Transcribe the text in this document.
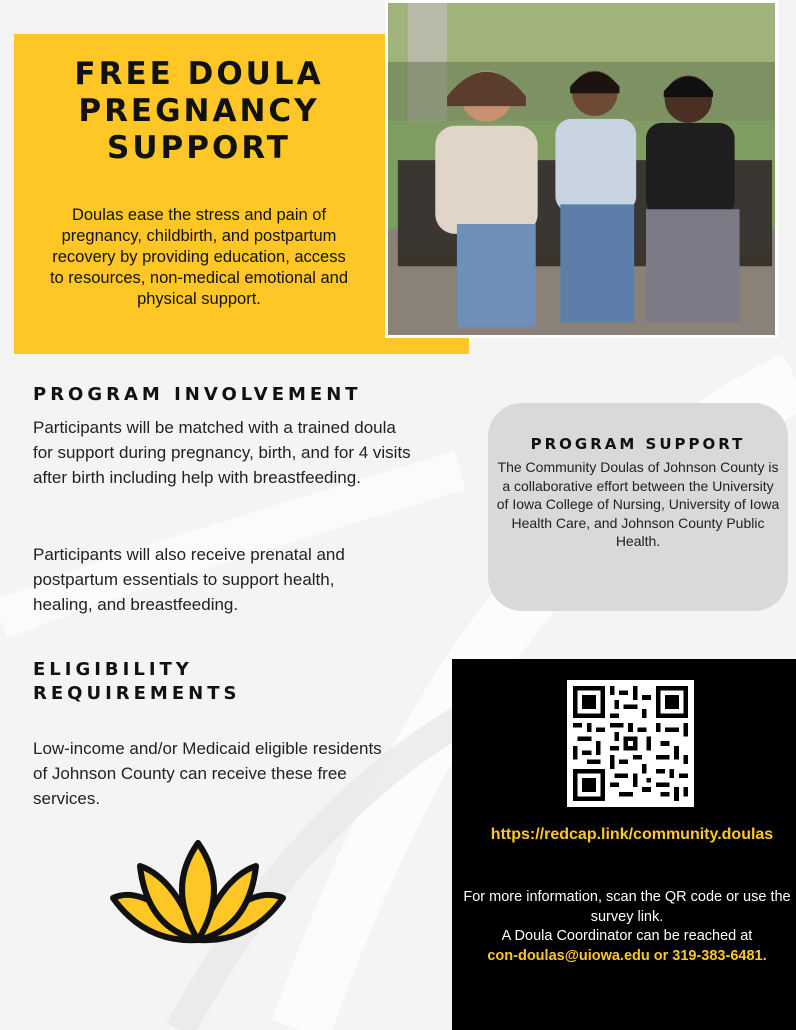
FREE DOULA
PREGNANCY
SUPPORT

Doulas ease the stress and pain of pregnancy, childbirth, and postpartum recovery by providing education, access to resources, non-medical emotional and physical support.

PROGRAM INVOLVEMENT

Participants will be matched with a trained doula for support during pregnancy, birth, and for 4 visits after birth including help with breastfeeding.

Participants will also receive prenatal and postpartum essentials to support health, healing, and breastfeeding.

ELIGIBILITY
REQUIREMENTS

Low-income and/or Medicaid eligible residents of Johnson County can receive these free services.

PROGRAM SUPPORT

The Community Doulas of Johnson County is a collaborative effort between the University of Iowa College of Nursing, University of Iowa Health Care, and Johnson County Public Health.

https://redcap.link/community.doulas

For more information, scan the QR code or use the survey link.
A Doula Coordinator can be reached at
con-doulas@uiowa.edu or 319-383-6481.
